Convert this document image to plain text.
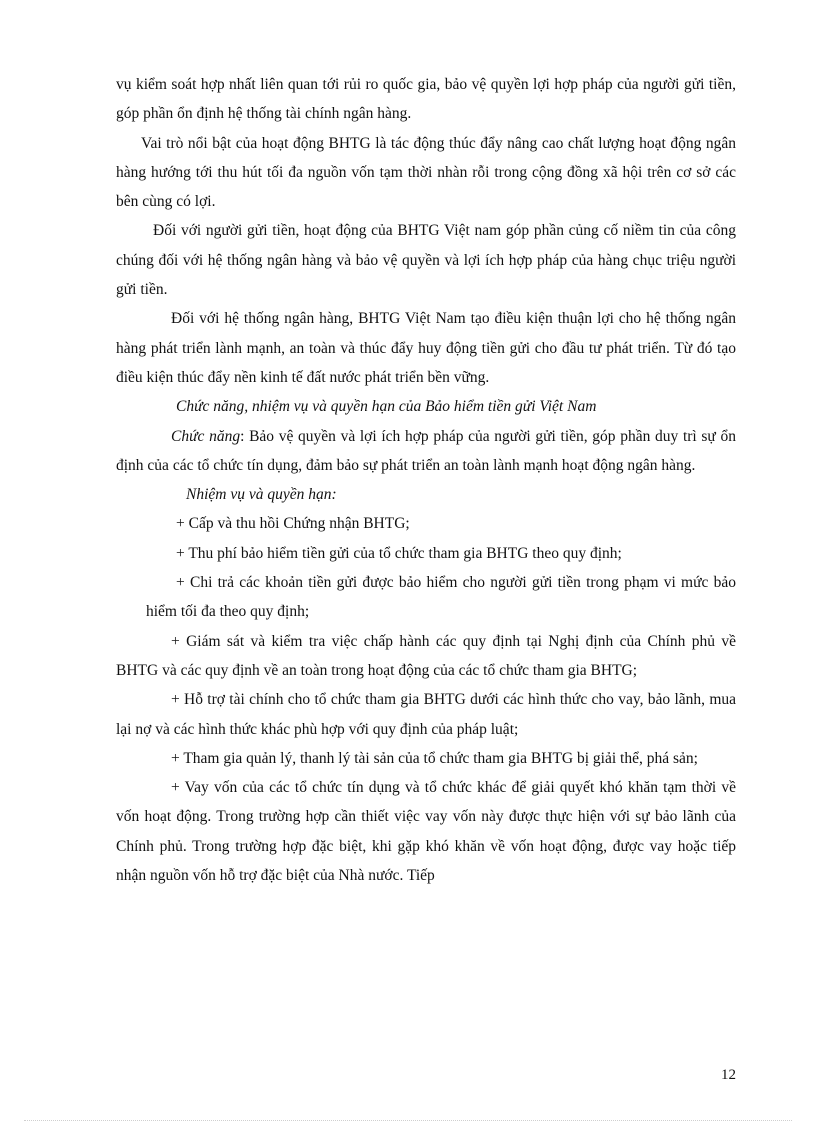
vụ kiểm soát hợp nhất liên quan tới rủi ro quốc gia, bảo vệ quyền lợi hợp pháp của người gửi tiền, góp phần ổn định hệ thống tài chính ngân hàng.

Vai trò nổi bật của hoạt động BHTG là tác động thúc đẩy nâng cao chất lượng hoạt động ngân hàng hướng tới thu hút tối đa nguồn vốn tạm thời nhàn rỗi trong cộng đồng xã hội trên cơ sở các bên cùng có lợi.

Đối với người gửi tiền, hoạt động của BHTG Việt nam góp phần củng cố niềm tin của công chúng đối với hệ thống ngân hàng và bảo vệ quyền và lợi ích hợp pháp của hàng chục triệu người gửi tiền.

Đối với hệ thống ngân hàng, BHTG Việt Nam tạo điều kiện thuận lợi cho hệ thống ngân hàng phát triển lành mạnh, an toàn và thúc đẩy huy động tiền gửi cho đầu tư phát triển. Từ đó tạo điều kiện thúc đẩy nền kinh tế đất nước phát triển bền vững.

Chức năng, nhiệm vụ và quyền hạn của Bảo hiểm tiền gửi Việt Nam

Chức năng: Bảo vệ quyền và lợi ích hợp pháp của người gửi tiền, góp phần duy trì sự ổn định của các tổ chức tín dụng, đảm bảo sự phát triển an toàn lành mạnh hoạt động ngân hàng.

Nhiệm vụ và quyền hạn:

+ Cấp và thu hồi Chứng nhận BHTG;

+ Thu phí bảo hiểm tiền gửi của tổ chức tham gia BHTG theo quy định;

+ Chi trả các khoản tiền gửi được bảo hiểm cho người gửi tiền trong phạm vi mức bảo hiểm tối đa theo quy định;

+ Giám sát và kiểm tra việc chấp hành các quy định tại Nghị định của Chính phủ về BHTG và các quy định về an toàn trong hoạt động của các tổ chức tham gia BHTG;

+ Hỗ trợ tài chính cho tổ chức tham gia BHTG dưới các hình thức cho vay, bảo lãnh, mua lại nợ và các hình thức khác phù hợp với quy định của pháp luật;

+ Tham gia quản lý, thanh lý tài sản của tổ chức tham gia BHTG bị giải thể, phá sản;

+ Vay vốn của các tổ chức tín dụng và tổ chức khác để giải quyết khó khăn tạm thời về vốn hoạt động. Trong trường hợp cần thiết việc vay vốn này được thực hiện với sự bảo lãnh của Chính phủ. Trong trường hợp đặc biệt, khi gặp khó khăn về vốn hoạt động, được vay hoặc tiếp nhận nguồn vốn hỗ trợ đặc biệt của Nhà nước. Tiếp

12
